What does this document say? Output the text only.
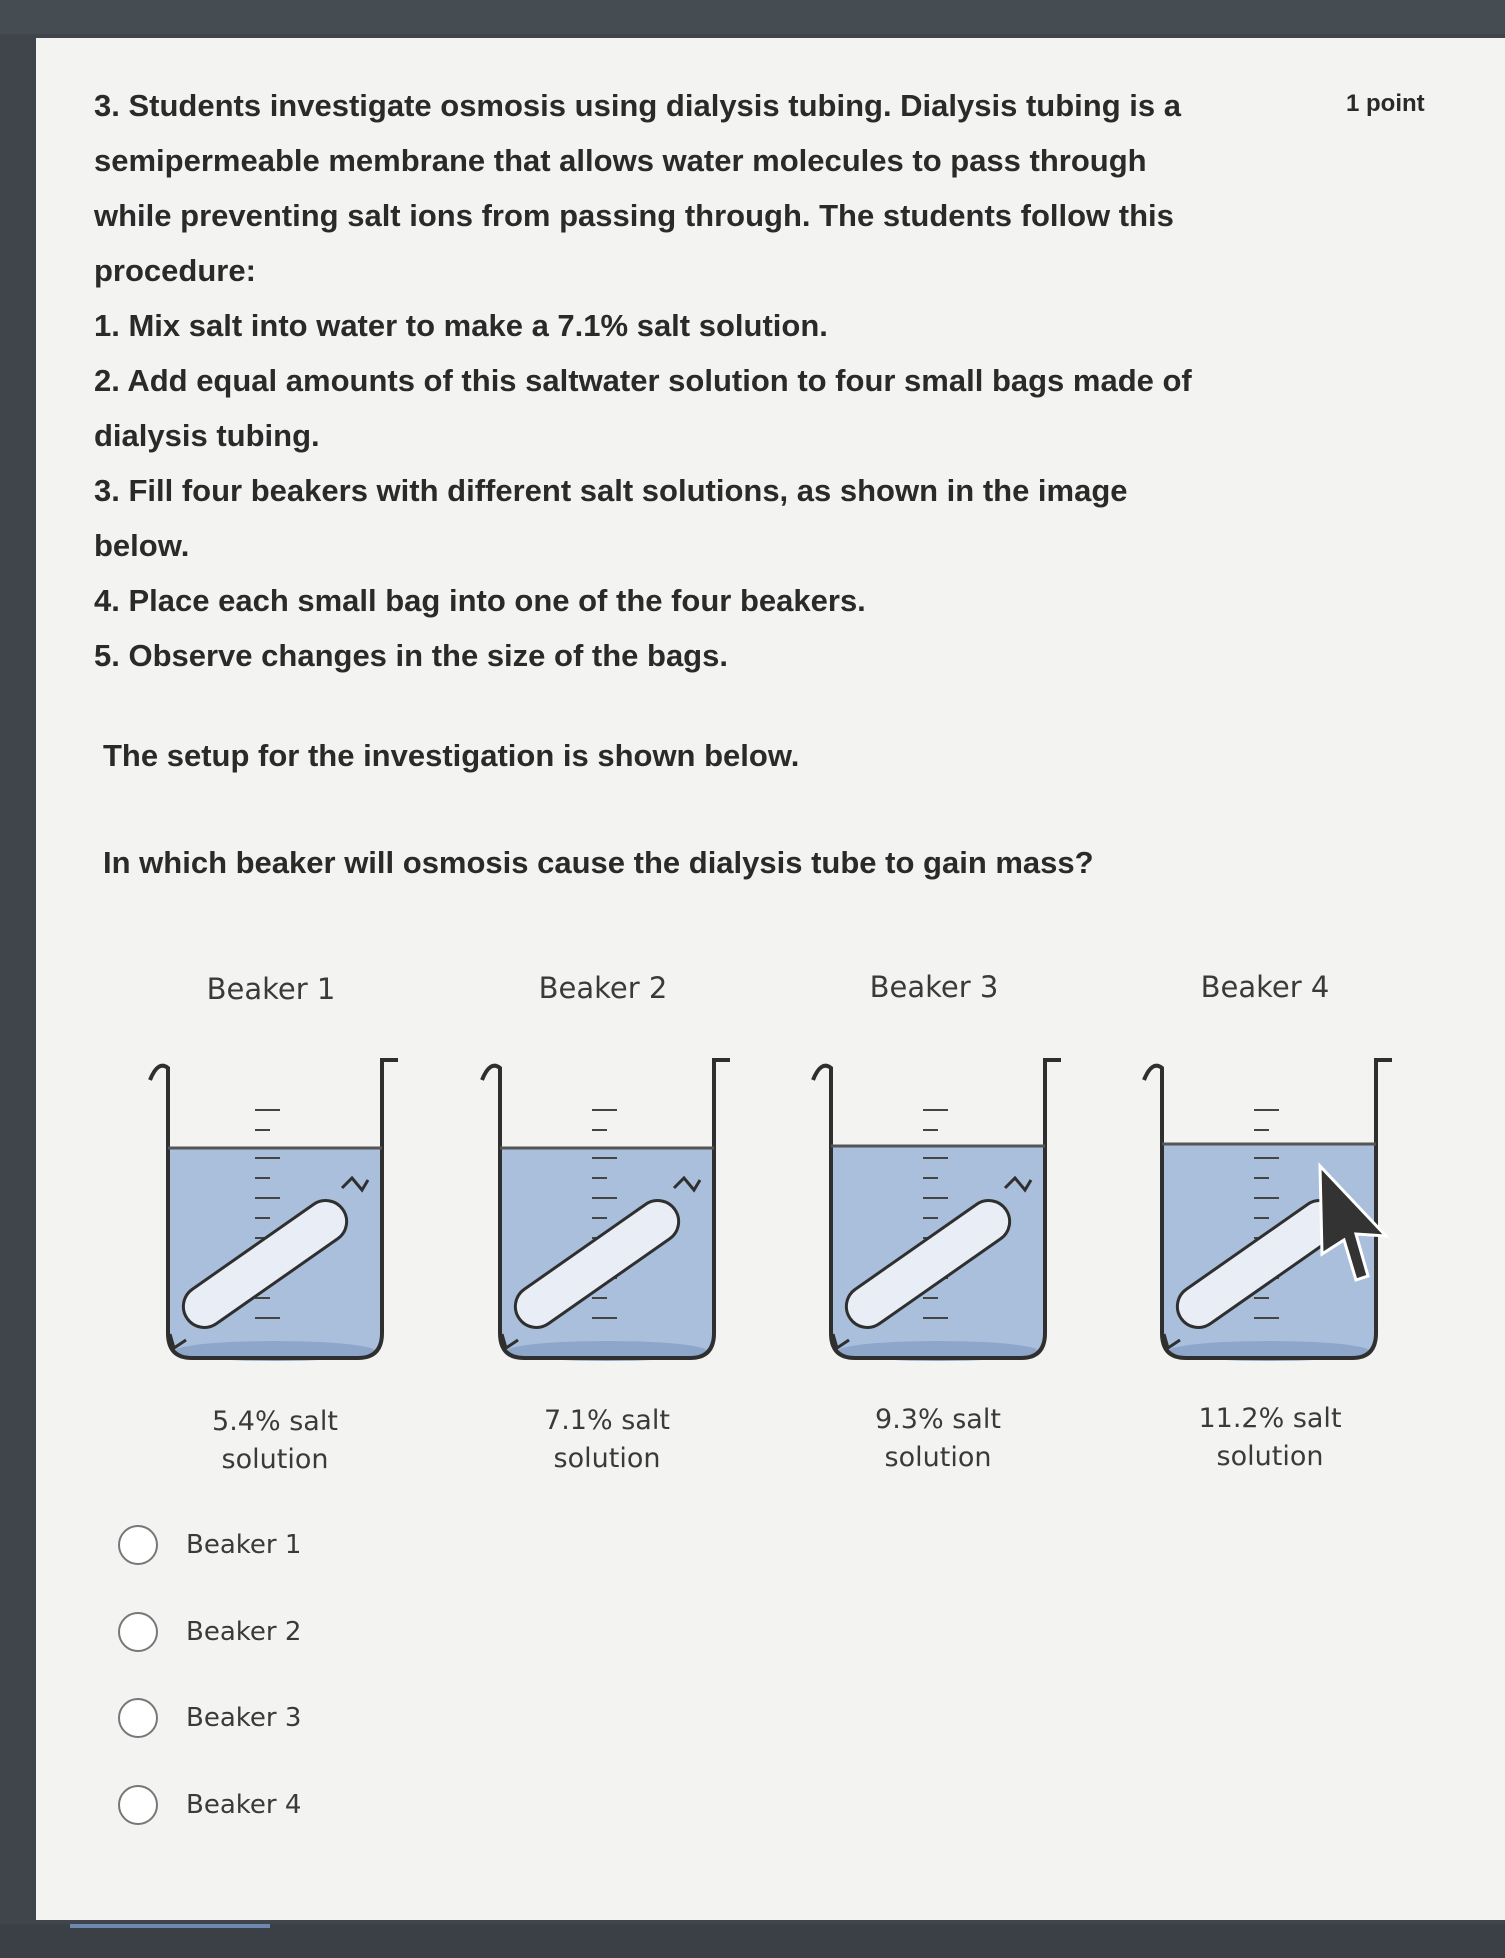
3. Students investigate osmosis using dialysis tubing. Dialysis tubing is a

semipermeable membrane that allows water molecules to pass through

while preventing salt ions from passing through. The students follow this

procedure:

1. Mix salt into water to make a 7.1% salt solution.

2. Add equal amounts of this saltwater solution to four small bags made of

dialysis tubing.

3. Fill four beakers with different salt solutions, as shown in the image

below.

4. Place each small bag into one of the four beakers.

5. Observe changes in the size of the bags.

1 point
The setup for the investigation is shown below.
In which beaker will osmosis cause the dialysis tube to gain mass?
Beaker 1	Beaker 2	Beaker 3	Beaker 4
5.4% salt
solution
7.1% salt
solution
9.3% salt
solution
11.2% salt
solution
Beaker 1
Beaker 2
Beaker 3
Beaker 4
